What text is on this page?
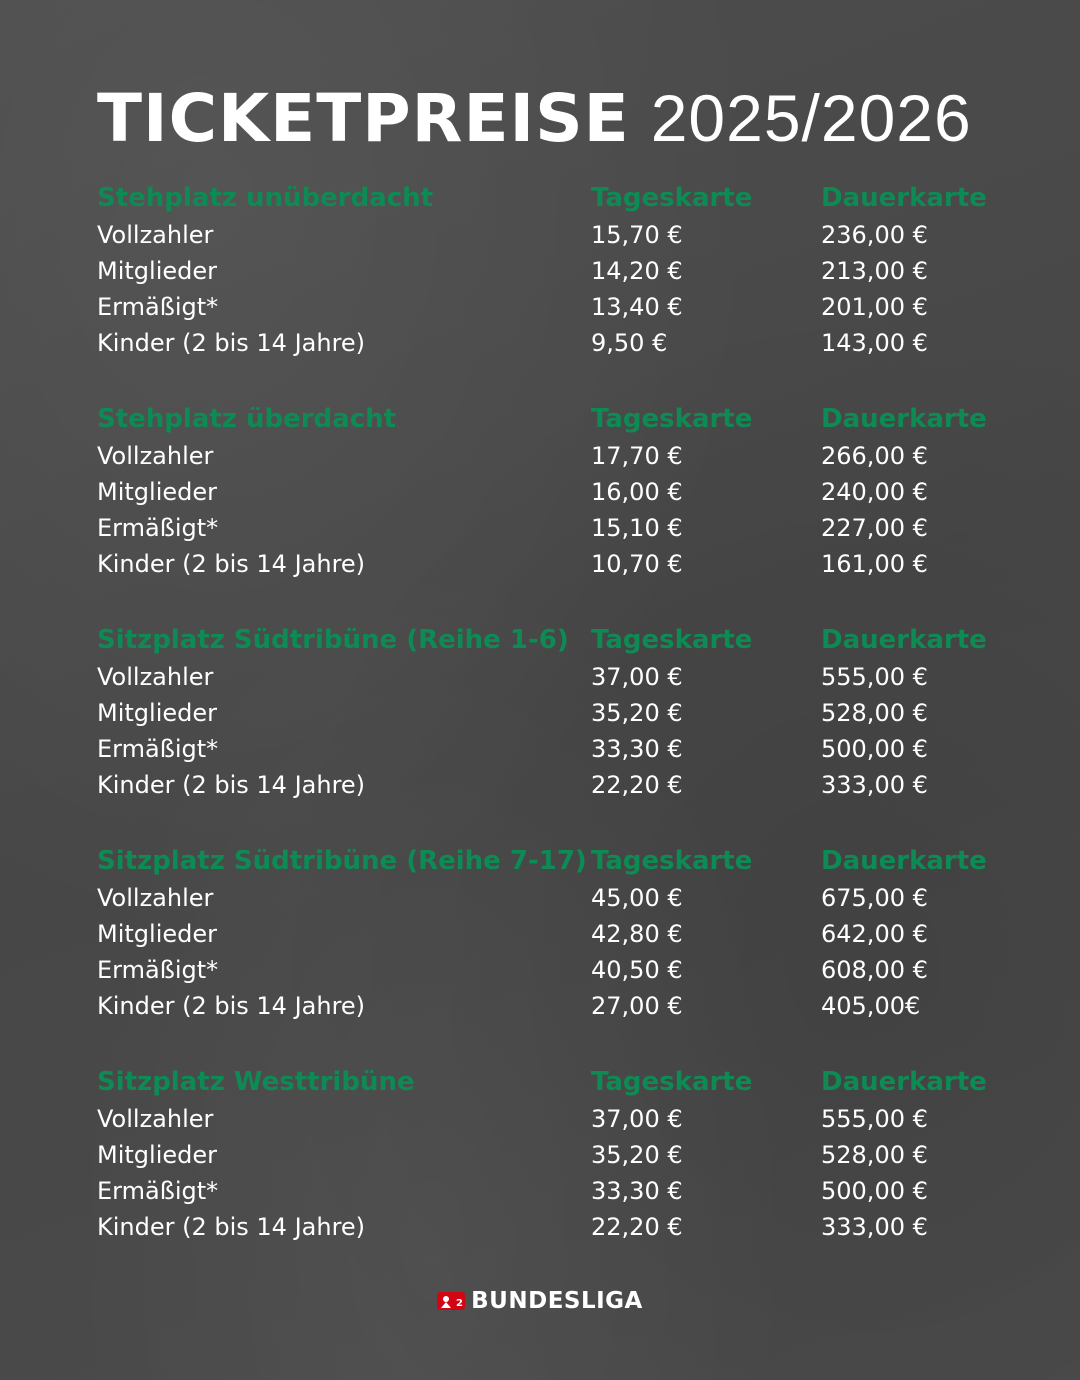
TICKETPREISE 2025/2026
Stehplatz unüberdacht	Tageskarte	Dauerkarte
Vollzahler	15,70 €	236,00 €
Mitglieder	14,20 €	213,00 €
Ermäßigt*	13,40 €	201,00 €
Kinder (2 bis 14 Jahre)	9,50 €	143,00 €
Stehplatz überdacht	Tageskarte	Dauerkarte
Vollzahler	17,70 €	266,00 €
Mitglieder	16,00 €	240,00 €
Ermäßigt*	15,10 €	227,00 €
Kinder (2 bis 14 Jahre)	10,70 €	161,00 €
Sitzplatz Südtribüne (Reihe 1-6) Tageskarte	Dauerkarte
Vollzahler	37,00 €	555,00 €
Mitglieder	35,20 €	528,00 €
Ermäßigt*	33,30 €	500,00 €
Kinder (2 bis 14 Jahre)	22,20 €	333,00 €
Sitzplatz Südtribüne (Reihe 7-17) Tageskarte	Dauerkarte
Vollzahler	45,00 €	675,00 €
Mitglieder	42,80 €	642,00 €
Ermäßigt*	40,50 €	608,00 €
Kinder (2 bis 14 Jahre)	27,00 €	405,00€
Sitzplatz Westtribüne	Tageskarte	Dauerkarte
Vollzahler	37,00 €	555,00 €
Mitglieder	35,20 €	528,00 €
Ermäßigt*	33,30 €	500,00 €
Kinder (2 bis 14 Jahre)	22,20 €	333,00 €
2 BUNDESLIGA
